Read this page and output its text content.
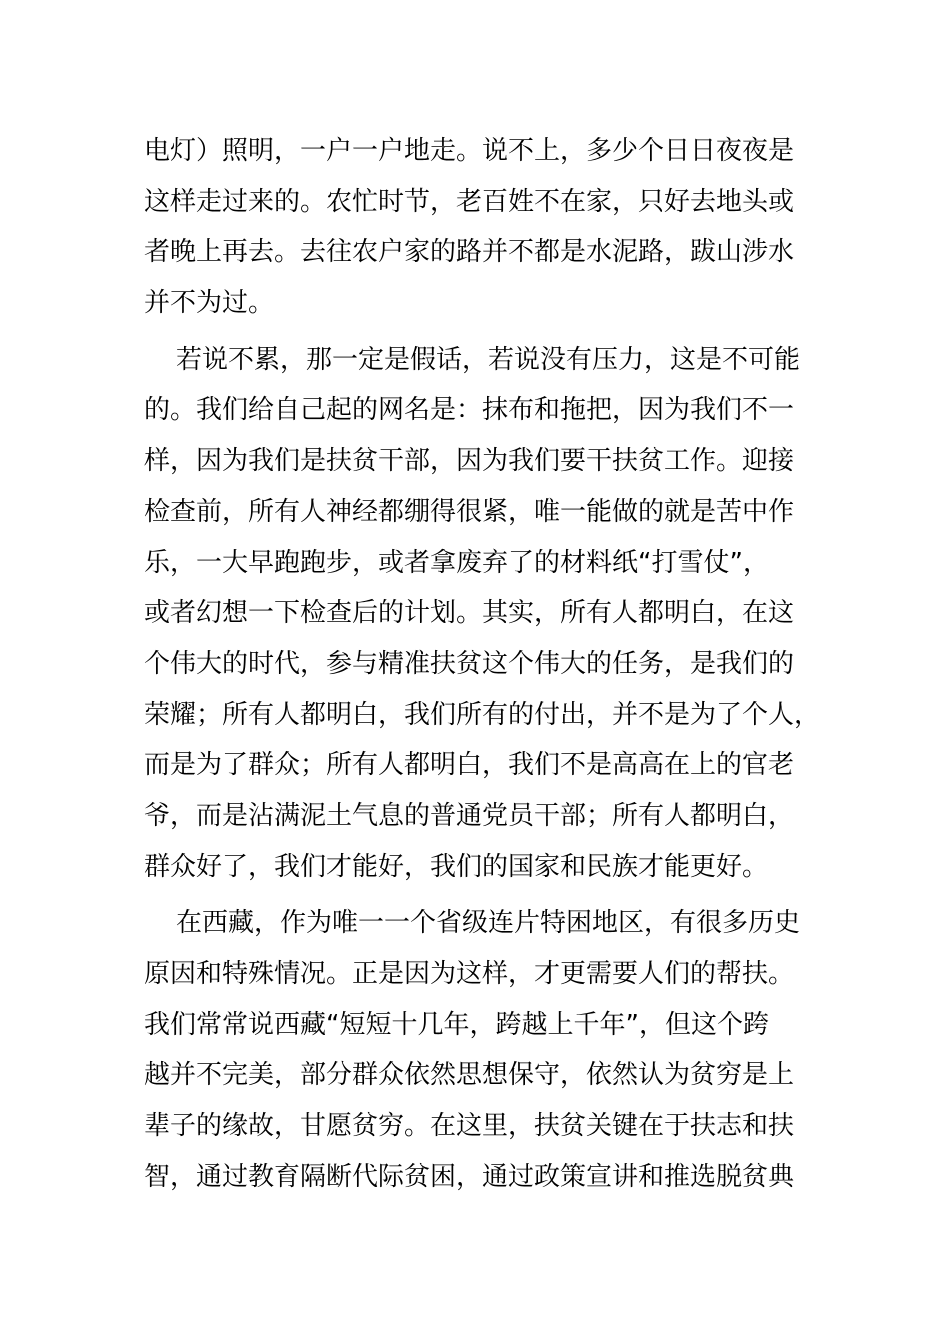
电灯）照明，一户一户地走。说不上，多少个日日夜夜是
这样走过来的。农忙时节，老百姓不在家，只好去地头或
者晚上再去。去往农户家的路并不都是水泥路，跋山涉水
并不为过。
若说不累，那一定是假话，若说没有压力，这是不可能
的。我们给自己起的网名是：抹布和拖把，因为我们不一
样，因为我们是扶贫干部，因为我们要干扶贫工作。迎接
检查前，所有人神经都绷得很紧，唯一能做的就是苦中作
乐，一大早跑跑步，或者拿废弃了的材料纸“打雪仗”，
或者幻想一下检查后的计划。其实，所有人都明白，在这
个伟大的时代，参与精准扶贫这个伟大的任务，是我们的
荣耀；所有人都明白，我们所有的付出，并不是为了个人，
而是为了群众；所有人都明白，我们不是高高在上的官老
爷，而是沾满泥土气息的普通党员干部；所有人都明白，
群众好了，我们才能好，我们的国家和民族才能更好。
在西藏，作为唯一一个省级连片特困地区，有很多历史
原因和特殊情况。正是因为这样，才更需要人们的帮扶。
我们常常说西藏“短短十几年，跨越上千年”，但这个跨
越并不完美，部分群众依然思想保守，依然认为贫穷是上
辈子的缘故，甘愿贫穷。在这里，扶贫关键在于扶志和扶
智，通过教育隔断代际贫困，通过政策宣讲和推选脱贫典
